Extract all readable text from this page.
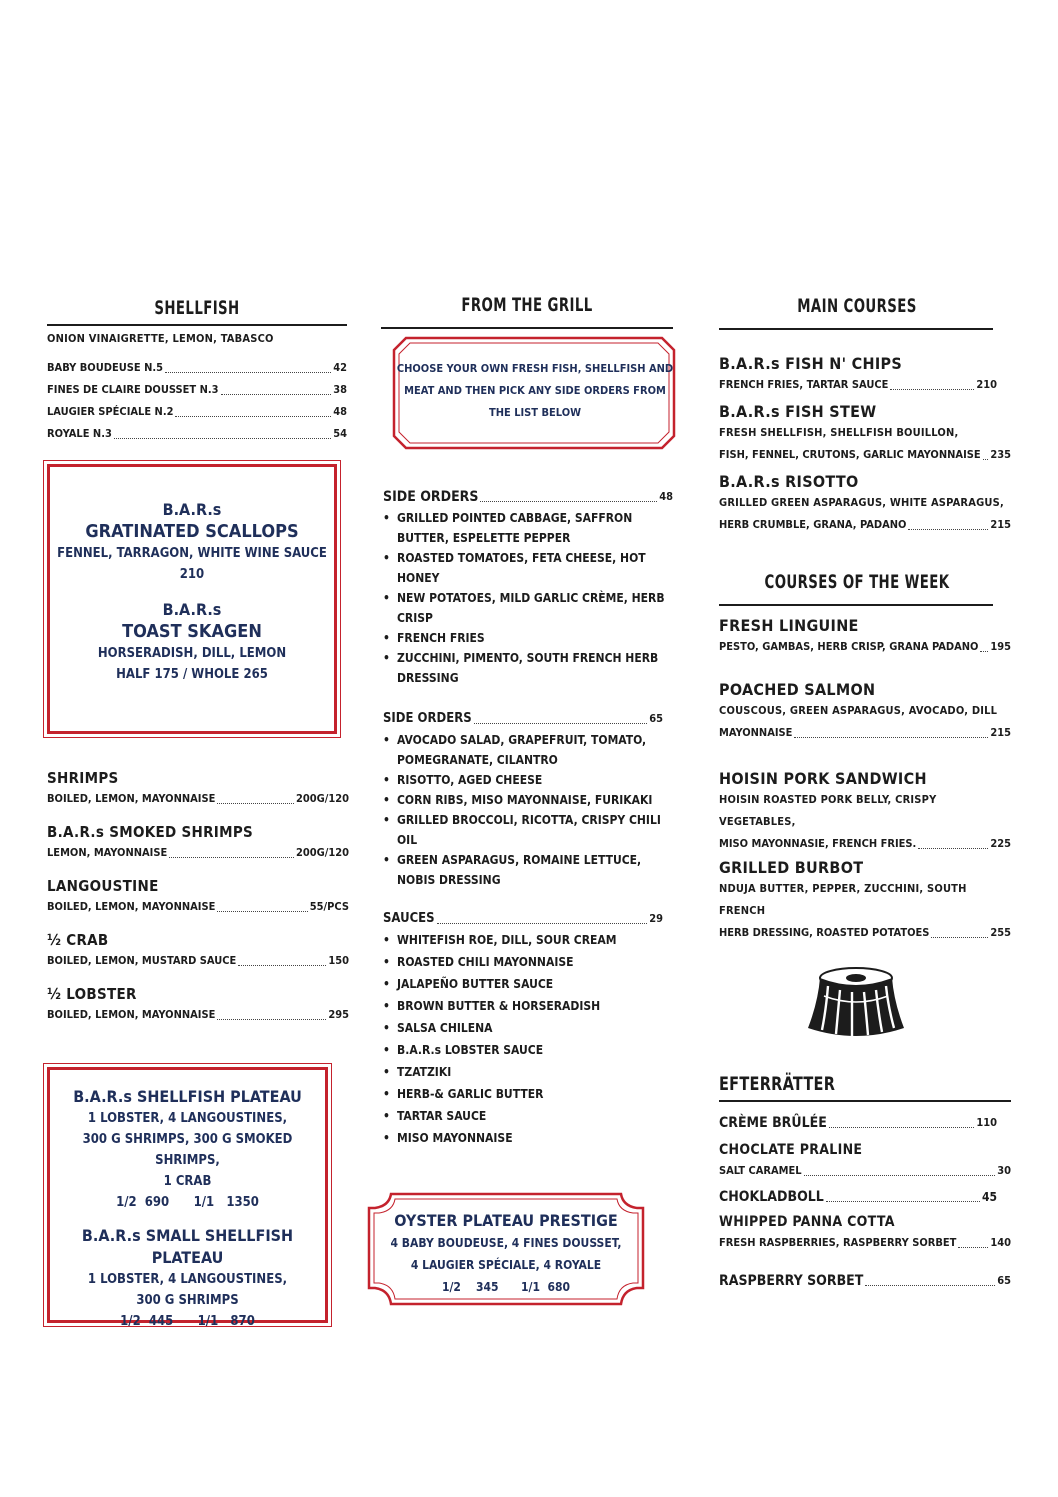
SHELLFISH
ONION VINAIGRETTE, LEMON, TABASCO
BABY BOUDEUSE N.5	42
FINES DE CLAIRE DOUSSET N.3	38
LAUGIER SPÉCIALE N.2	48
ROYALE N.3	54
B.A.R.s
GRATINATED SCALLOPS
FENNEL, TARRAGON, WHITE WINE SAUCE
210
B.A.R.s
TOAST SKAGEN
HORSERADISH, DILL, LEMON
HALF 175 / WHOLE 265
SHRIMPS
BOILED, LEMON, MAYONNAISE	200G/120
B.A.R.s SMOKED SHRIMPS
LEMON, MAYONNAISE	200G/120
LANGOUSTINE
BOILED, LEMON, MAYONNAISE	55/PCS
½ CRAB
BOILED, LEMON, MUSTARD SAUCE	150
½ LOBSTER
BOILED, LEMON, MAYONNAISE	295
B.A.R.s SHELLFISH PLATEAU
1 LOBSTER, 4 LANGOUSTINES,
300 G SHRIMPS, 300 G SMOKED SHRIMPS,
1 CRAB
1/2  690      1/1   1350
B.A.R.s SMALL SHELLFISH PLATEAU
1 LOBSTER, 4 LANGOUSTINES,
300 G SHRIMPS
1/2  445      1/1   870
FROM THE GRILL
CHOOSE YOUR OWN FRESH FISH, SHELLFISH AND
MEAT AND THEN PICK ANY SIDE ORDERS FROM
THE LIST BELOW
SIDE ORDERS	48
• GRILLED POINTED CABBAGE, SAFFRON BUTTER, ESPELETTE PEPPER
• ROASTED TOMATOES, FETA CHEESE, HOT HONEY
• NEW POTATOES, MILD GARLIC CRÈME, HERB CRISP
• FRENCH FRIES
• ZUCCHINI, PIMENTO, SOUTH FRENCH HERB DRESSING
SIDE ORDERS	65
• AVOCADO SALAD, GRAPEFRUIT, TOMATO, POMEGRANATE, CILANTRO
• RISOTTO, AGED CHEESE
• CORN RIBS, MISO MAYONNAISE, FURIKAKI
• GRILLED BROCCOLI, RICOTTA, CRISPY CHILI OIL
• GREEN ASPARAGUS, ROMAINE LETTUCE, NOBIS DRESSING
SAUCES	29
• WHITEFISH ROE, DILL, SOUR CREAM
• ROASTED CHILI MAYONNAISE
• JALAPEÑO BUTTER SAUCE
• BROWN BUTTER & HORSERADISH
• SALSA CHILENA
• B.A.R.s LOBSTER SAUCE
• TZATZIKI
• HERB-& GARLIC BUTTER
• TARTAR SAUCE
• MISO MAYONNAISE
OYSTER PLATEAU PRESTIGE
4 BABY BOUDEUSE, 4 FINES DOUSSET,
4 LAUGIER SPÉCIALE, 4 ROYALE
1/2    345      1/1  680
MAIN COURSES
B.A.R.s FISH N' CHIPS
FRENCH FRIES, TARTAR SAUCE	210
B.A.R.s FISH STEW
FRESH SHELLFISH, SHELLFISH BOUILLON,
FISH, FENNEL, CRUTONS, GARLIC MAYONNAISE 235
B.A.R.s RISOTTO
GRILLED GREEN ASPARAGUS, WHITE ASPARAGUS,
HERB CRUMBLE, GRANA, PADANO	215
COURSES OF THE WEEK
FRESH LINGUINE
PESTO, GAMBAS, HERB CRISP, GRANA PADANO 195
POACHED SALMON
COUSCOUS, GREEN ASPARAGUS, AVOCADO, DILL
MAYONNAISE	215
HOISIN PORK SANDWICH
HOISIN ROASTED PORK BELLY, CRISPY VEGETABLES,
MISO MAYONNASIE, FRENCH FRIES.	225
GRILLED BURBOT
NDUJA BUTTER, PEPPER, ZUCCHINI, SOUTH FRENCH
HERB DRESSING, ROASTED POTATOES	255
EFTERRÄTTER
CRÈME BRÛLÉE	110
CHOCLATE PRALINE
SALT CARAMEL	30
CHOKLADBOLL	45
WHIPPED PANNA COTTA
FRESH RASPBERRIES, RASPBERRY SORBET	140
RASPBERRY SORBET	65
